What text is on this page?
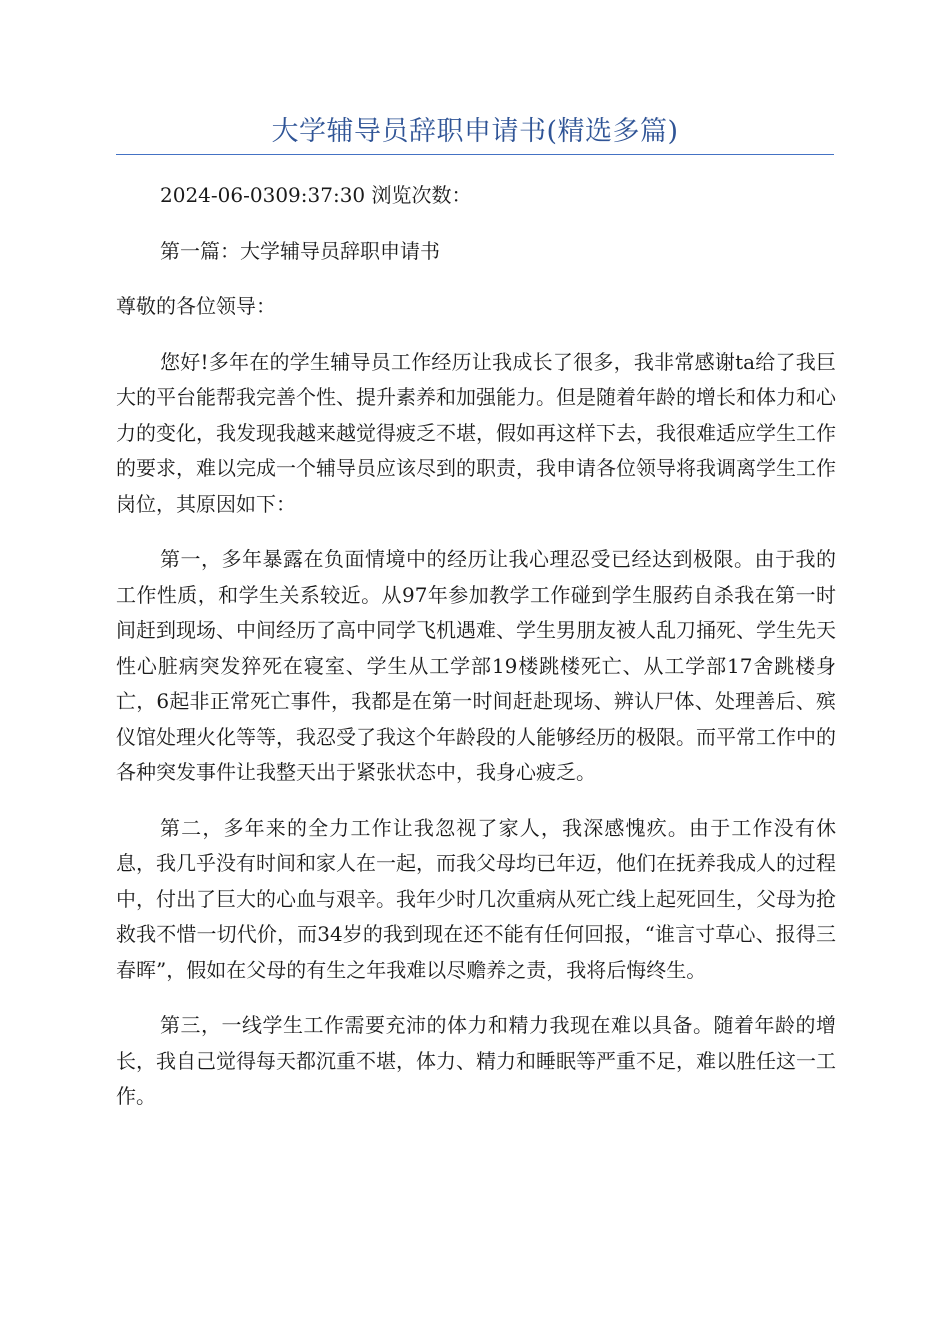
大学辅导员辞职申请书(精选多篇)

2024-06-0309:37:30 浏览次数：

第一篇：大学辅导员辞职申请书

尊敬的各位领导：

您好!多年在的学生辅导员工作经历让我成长了很多，我非常感谢ta给了我巨大的平台能帮我完善个性、提升素养和加强能力。但是随着年龄的增长和体力和心力的变化，我发现我越来越觉得疲乏不堪，假如再这样下去，我很难适应学生工作的要求，难以完成一个辅导员应该尽到的职责，我申请各位领导将我调离学生工作岗位，其原因如下：

第一，多年暴露在负面情境中的经历让我心理忍受已经达到极限。由于我的工作性质，和学生关系较近。从97年参加教学工作碰到学生服药自杀我在第一时间赶到现场、中间经历了高中同学飞机遇难、学生男朋友被人乱刀捅死、学生先天性心脏病突发猝死在寝室、学生从工学部19楼跳楼死亡、从工学部17舍跳楼身亡，6起非正常死亡事件，我都是在第一时间赶赴现场、辨认尸体、处理善后、殡仪馆处理火化等等，我忍受了我这个年龄段的人能够经历的极限。而平常工作中的各种突发事件让我整天出于紧张状态中，我身心疲乏。

第二，多年来的全力工作让我忽视了家人，我深感愧疚。由于工作没有休息，我几乎没有时间和家人在一起，而我父母均已年迈，他们在抚养我成人的过程中，付出了巨大的心血与艰辛。我年少时几次重病从死亡线上起死回生，父母为抢救我不惜一切代价，而34岁的我到现在还不能有任何回报，“谁言寸草心、报得三春晖”，假如在父母的有生之年我难以尽赡养之责，我将后悔终生。

第三，一线学生工作需要充沛的体力和精力我现在难以具备。随着年龄的增长，我自己觉得每天都沉重不堪，体力、精力和睡眠等严重不足，难以胜任这一工作。
